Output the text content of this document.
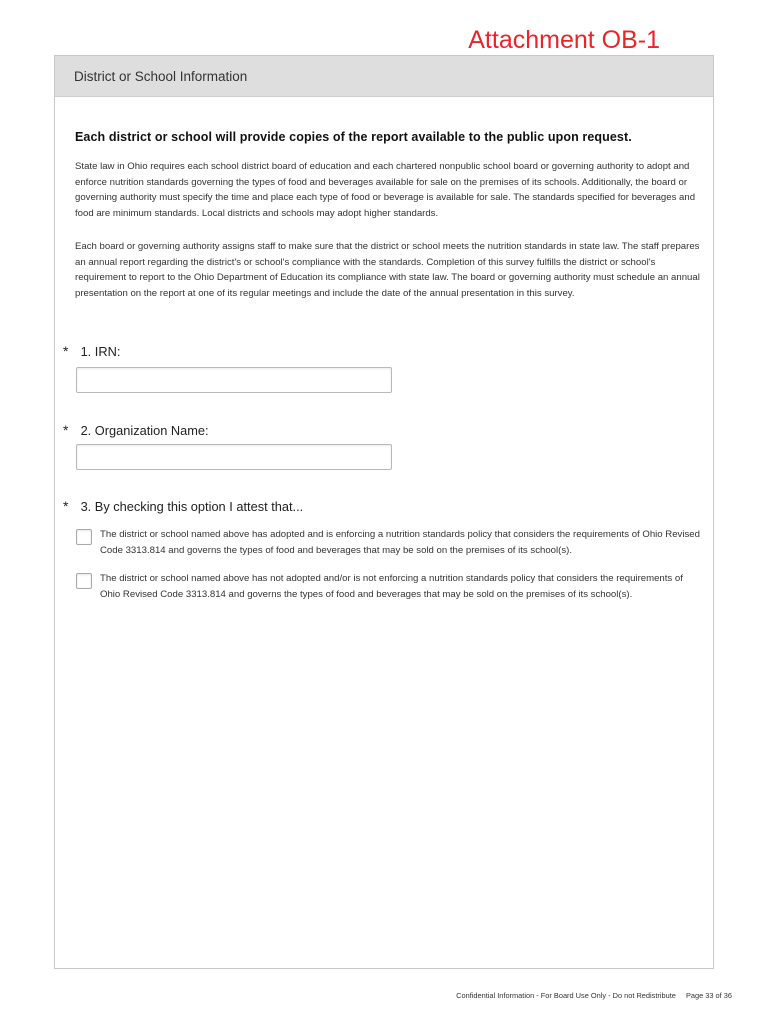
Attachment OB-1
District or School Information
Each district or school will provide copies of the report available to the public upon request.
State law in Ohio requires each school district board of education and each chartered nonpublic school board or governing authority to adopt and enforce nutrition standards governing the types of food and beverages available for sale on the premises of its schools. Additionally, the board or governing authority must specify the time and place each type of food or beverage is available for sale. The standards specified for beverages and food are minimum standards. Local districts and schools may adopt higher standards.
Each board or governing authority assigns staff to make sure that the district or school meets the nutrition standards in state law. The staff prepares an annual report regarding the district's or school's compliance with the standards. Completion of this survey fulfills the district or school's requirement to report to the Ohio Department of Education its compliance with state law. The board or governing authority must schedule an annual presentation on the report at one of its regular meetings and include the date of the annual presentation in this survey.
* 1. IRN:
* 2. Organization Name:
* 3. By checking this option I attest that...
The district or school named above has adopted and is enforcing a nutrition standards policy that considers the requirements of Ohio Revised Code 3313.814 and governs the types of food and beverages that may be sold on the premises of its school(s).
The district or school named above has not adopted and/or is not enforcing a nutrition standards policy that considers the requirements of Ohio Revised Code 3313.814 and governs the types of food and beverages that may be sold on the premises of its school(s).
Confidential Information - For Board Use Only - Do not Redistribute Page 33 of 36
